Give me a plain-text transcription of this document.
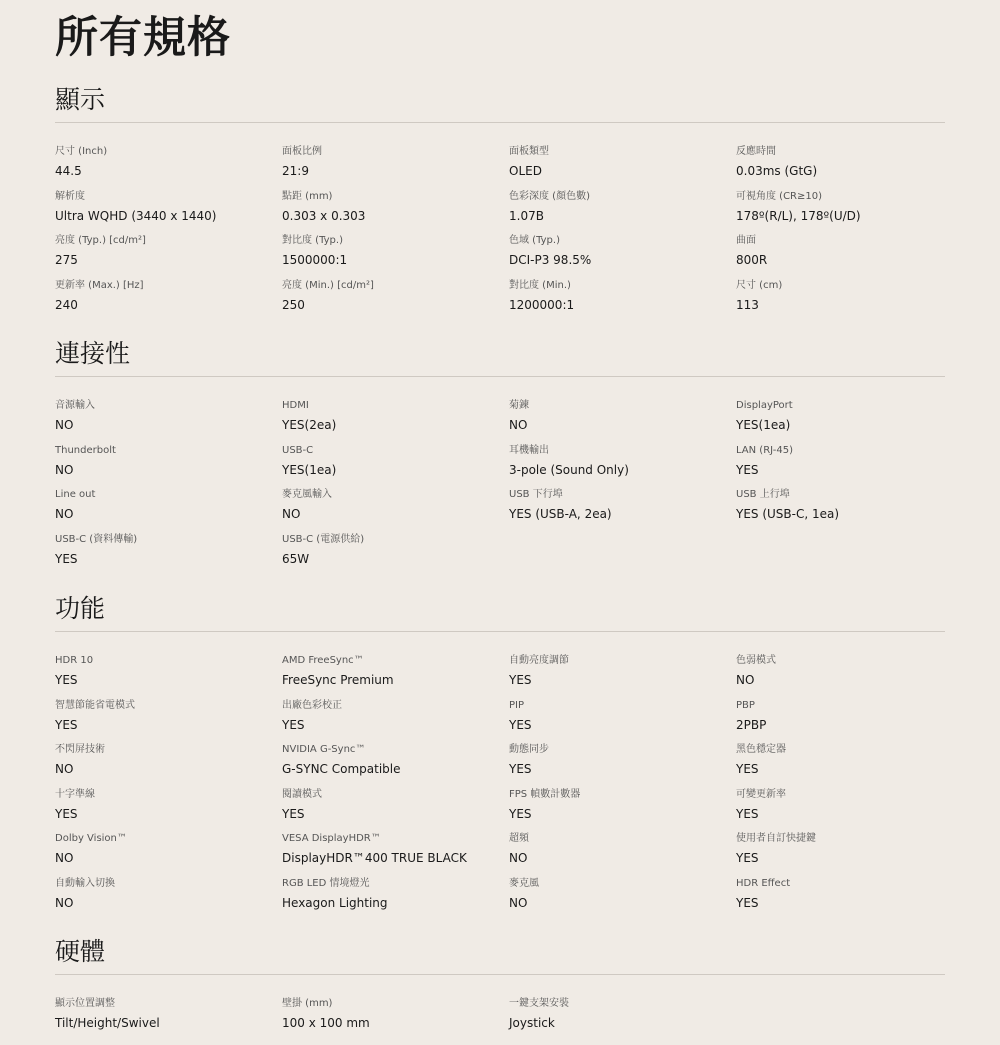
所有規格
顯示
尺寸 (Inch)
44.5
面板比例
21:9
面板類型
OLED
反應時間
0.03ms (GtG)
解析度
Ultra WQHD (3440 x 1440)
點距 (mm)
0.303 x 0.303
色彩深度 (顏色數)
1.07B
可視角度 (CR≥10)
178º(R/L), 178º(U/D)
亮度 (Typ.) [cd/m²]
275
對比度 (Typ.)
1500000:1
色域 (Typ.)
DCI-P3 98.5%
曲面
800R
更新率 (Max.) [Hz]
240
亮度 (Min.) [cd/m²]
250
對比度 (Min.)
1200000:1
尺寸 (cm)
113
連接性
音源輸入
NO
HDMI
YES(2ea)
菊鍊
NO
DisplayPort
YES(1ea)
Thunderbolt
NO
USB-C
YES(1ea)
耳機輸出
3-pole (Sound Only)
LAN (RJ-45)
YES
Line out
NO
麥克風輸入
NO
USB 下行埠
YES (USB-A, 2ea)
USB 上行埠
YES (USB-C, 1ea)
USB-C (資料傳輸)
YES
USB-C (電源供給)
65W
功能
HDR 10
YES
AMD FreeSync™
FreeSync Premium
自動亮度調節
YES
色弱模式
NO
智慧節能省電模式
YES
出廠色彩校正
YES
PIP
YES
PBP
2PBP
不閃屏技術
NO
NVIDIA G-Sync™
G-SYNC Compatible
動態同步
YES
黑色穩定器
YES
十字準線
YES
閱讀模式
YES
FPS 幀數計數器
YES
可變更新率
YES
Dolby Vision™
NO
VESA DisplayHDR™
DisplayHDR™400 TRUE BLACK
超頻
NO
使用者自訂快捷鍵
YES
自動輸入切換
NO
RGB LED 情境燈光
Hexagon Lighting
麥克風
NO
HDR Effect
YES
硬體
顯示位置調整
Tilt/Height/Swivel
壁掛 (mm)
100 x 100 mm
一鍵支架安裝
Joystick
